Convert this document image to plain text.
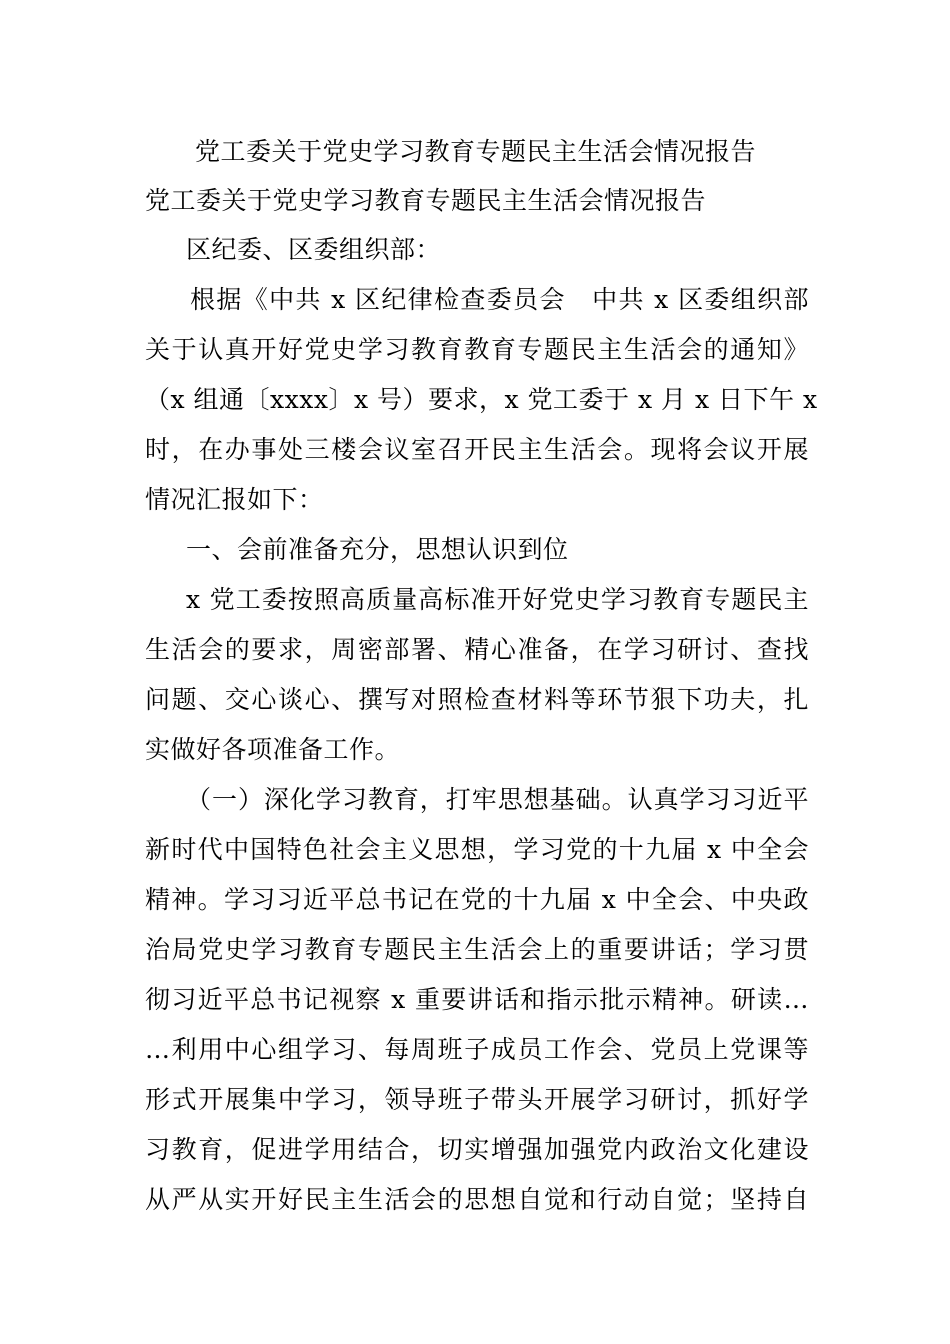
党工委关于党史学习教育专题民主生活会情况报告
党工委关于党史学习教育专题民主生活会情况报告
区纪委、区委组织部：
根据《中共 x 区纪律检查委员会　中共 x 区委组织部
关于认真开好党史学习教育教育专题民主生活会的通知》
（x 组通〔xxxx〕x 号）要求，x 党工委于 x 月 x 日下午 x
时，在办事处三楼会议室召开民主生活会。现将会议开展
情况汇报如下：
一、会前准备充分，思想认识到位
x 党工委按照高质量高标准开好党史学习教育专题民主
生活会的要求，周密部署、精心准备，在学习研讨、查找
问题、交心谈心、撰写对照检查材料等环节狠下功夫，扎
实做好各项准备工作。
（一）深化学习教育，打牢思想基础。认真学习习近平
新时代中国特色社会主义思想，学习党的十九届 x 中全会
精神。学习习近平总书记在党的十九届 x 中全会、中央政
治局党史学习教育专题民主生活会上的重要讲话；学习贯
彻习近平总书记视察 x 重要讲话和指示批示精神。研读…
…利用中心组学习、每周班子成员工作会、党员上党课等
形式开展集中学习，领导班子带头开展学习研讨，抓好学
习教育，促进学用结合，切实增强加强党内政治文化建设
从严从实开好民主生活会的思想自觉和行动自觉；坚持自
